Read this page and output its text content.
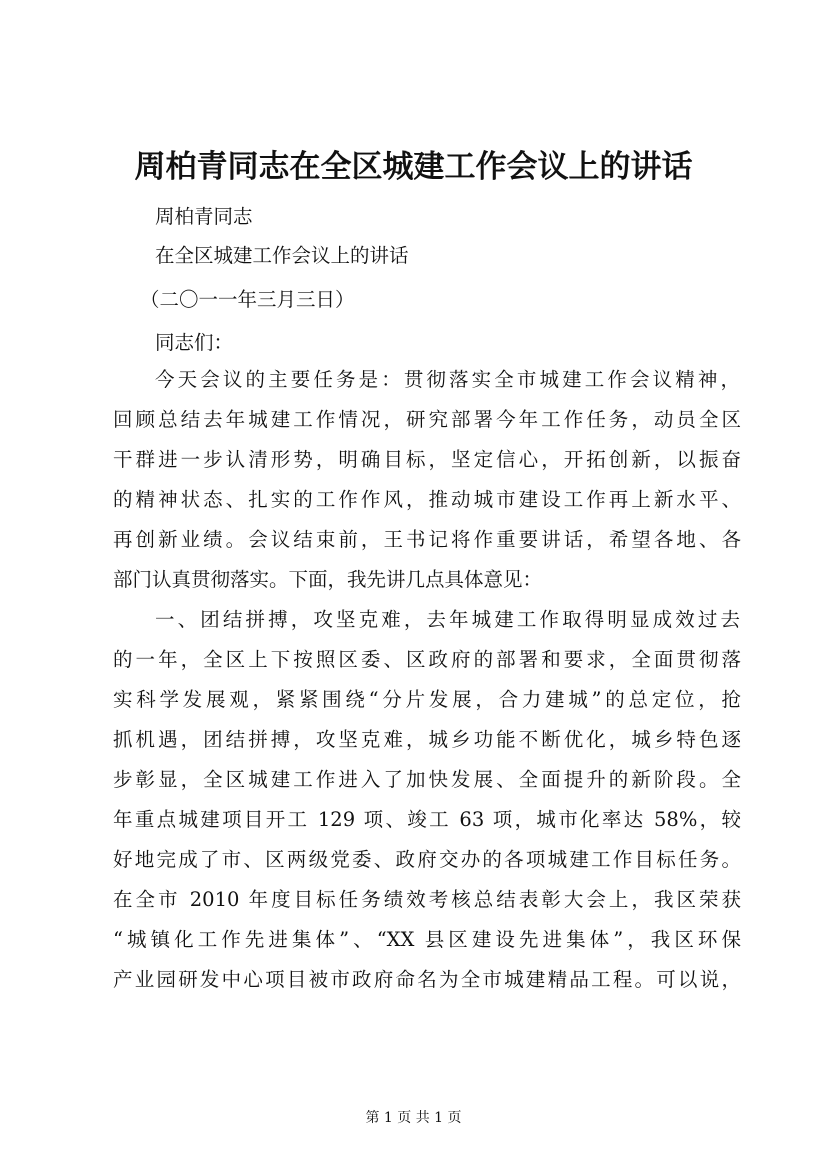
周柏青同志在全区城建工作会议上的讲话
周柏青同志
在全区城建工作会议上的讲话
（二〇一一年三月三日）
同志们：
今天会议的主要任务是：贯彻落实全市城建工作会议精神，
回顾总结去年城建工作情况，研究部署今年工作任务，动员全区
干群进一步认清形势，明确目标，坚定信心，开拓创新，以振奋
的精神状态、扎实的工作作风，推动城市建设工作再上新水平、
再创新业绩。会议结束前，王书记将作重要讲话，希望各地、各
部门认真贯彻落实。下面，我先讲几点具体意见：
一、团结拼搏，攻坚克难，去年城建工作取得明显成效过去
的一年，全区上下按照区委、区政府的部署和要求，全面贯彻落
实科学发展观，紧紧围绕“分片发展，合力建城”的总定位，抢
抓机遇，团结拼搏，攻坚克难，城乡功能不断优化，城乡特色逐
步彰显，全区城建工作进入了加快发展、全面提升的新阶段。全
年重点城建项目开工 129 项、竣工 63 项，城市化率达 58%，较
好地完成了市、区两级党委、政府交办的各项城建工作目标任务。
在全市 2010 年度目标任务绩效考核总结表彰大会上，我区荣获
“城镇化工作先进集体”、“XX 县区建设先进集体”，我区环保
产业园研发中心项目被市政府命名为全市城建精品工程。可以说，
第 1 页 共 1 页
